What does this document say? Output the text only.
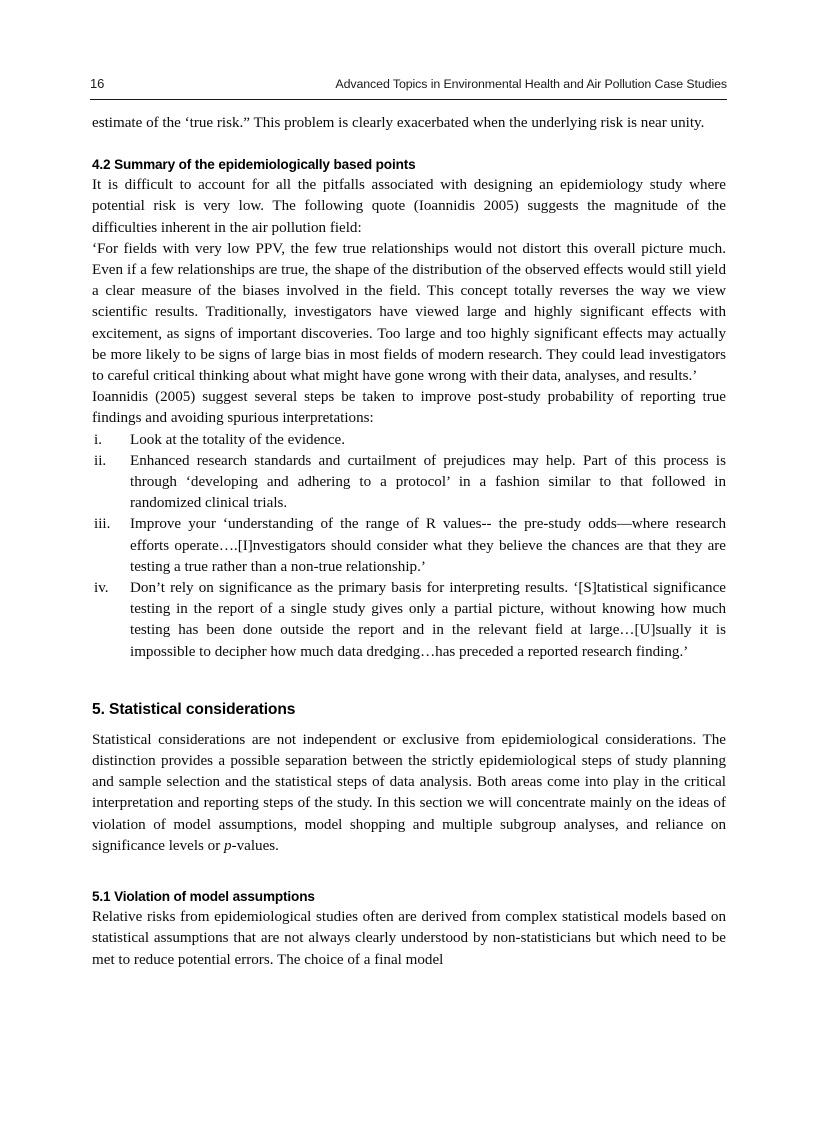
16	Advanced Topics in Environmental Health and Air Pollution Case Studies

estimate of the ‘true risk.” This problem is clearly exacerbated when the underlying risk is near unity.

4.2 Summary of the epidemiologically based points

It is difficult to account for all the pitfalls associated with designing an epidemiology study where potential risk is very low. The following quote (Ioannidis 2005) suggests the magnitude of the difficulties inherent in the air pollution field:

‘For fields with very low PPV, the few true relationships would not distort this overall picture much. Even if a few relationships are true, the shape of the distribution of the observed effects would still yield a clear measure of the biases involved in the field. This concept totally reverses the way we view scientific results. Traditionally, investigators have viewed large and highly significant effects with excitement, as signs of important discoveries. Too large and too highly significant effects may actually be more likely to be signs of large bias in most fields of modern research. They could lead investigators to careful critical thinking about what might have gone wrong with their data, analyses, and results.’

Ioannidis (2005) suggest several steps be taken to improve post-study probability of reporting true findings and avoiding spurious interpretations:

i.	Look at the totality of the evidence.
ii.	Enhanced research standards and curtailment of prejudices may help. Part of this process is through ‘developing and adhering to a protocol’ in a fashion similar to that followed in randomized clinical trials.
iii.	Improve your ‘understanding of the range of R values-- the pre-study odds—where research efforts operate….[I]nvestigators should consider what they believe the chances are that they are testing a true rather than a non-true relationship.’
iv.	Don’t rely on significance as the primary basis for interpreting results. ‘[S]tatistical significance testing in the report of a single study gives only a partial picture, without knowing how much testing has been done outside the report and in the relevant field at large…[U]sually it is impossible to decipher how much data dredging…has preceded a reported research finding.’
5. Statistical considerations

Statistical considerations are not independent or exclusive from epidemiological considerations. The distinction provides a possible separation between the strictly epidemiological steps of study planning and sample selection and the statistical steps of data analysis. Both areas come into play in the critical interpretation and reporting steps of the study. In this section we will concentrate mainly on the ideas of violation of model assumptions, model shopping and multiple subgroup analyses, and reliance on significance levels or p-values.

5.1 Violation of model assumptions

Relative risks from epidemiological studies often are derived from complex statistical models based on statistical assumptions that are not always clearly understood by non-statisticians but which need to be met to reduce potential errors. The choice of a final model
